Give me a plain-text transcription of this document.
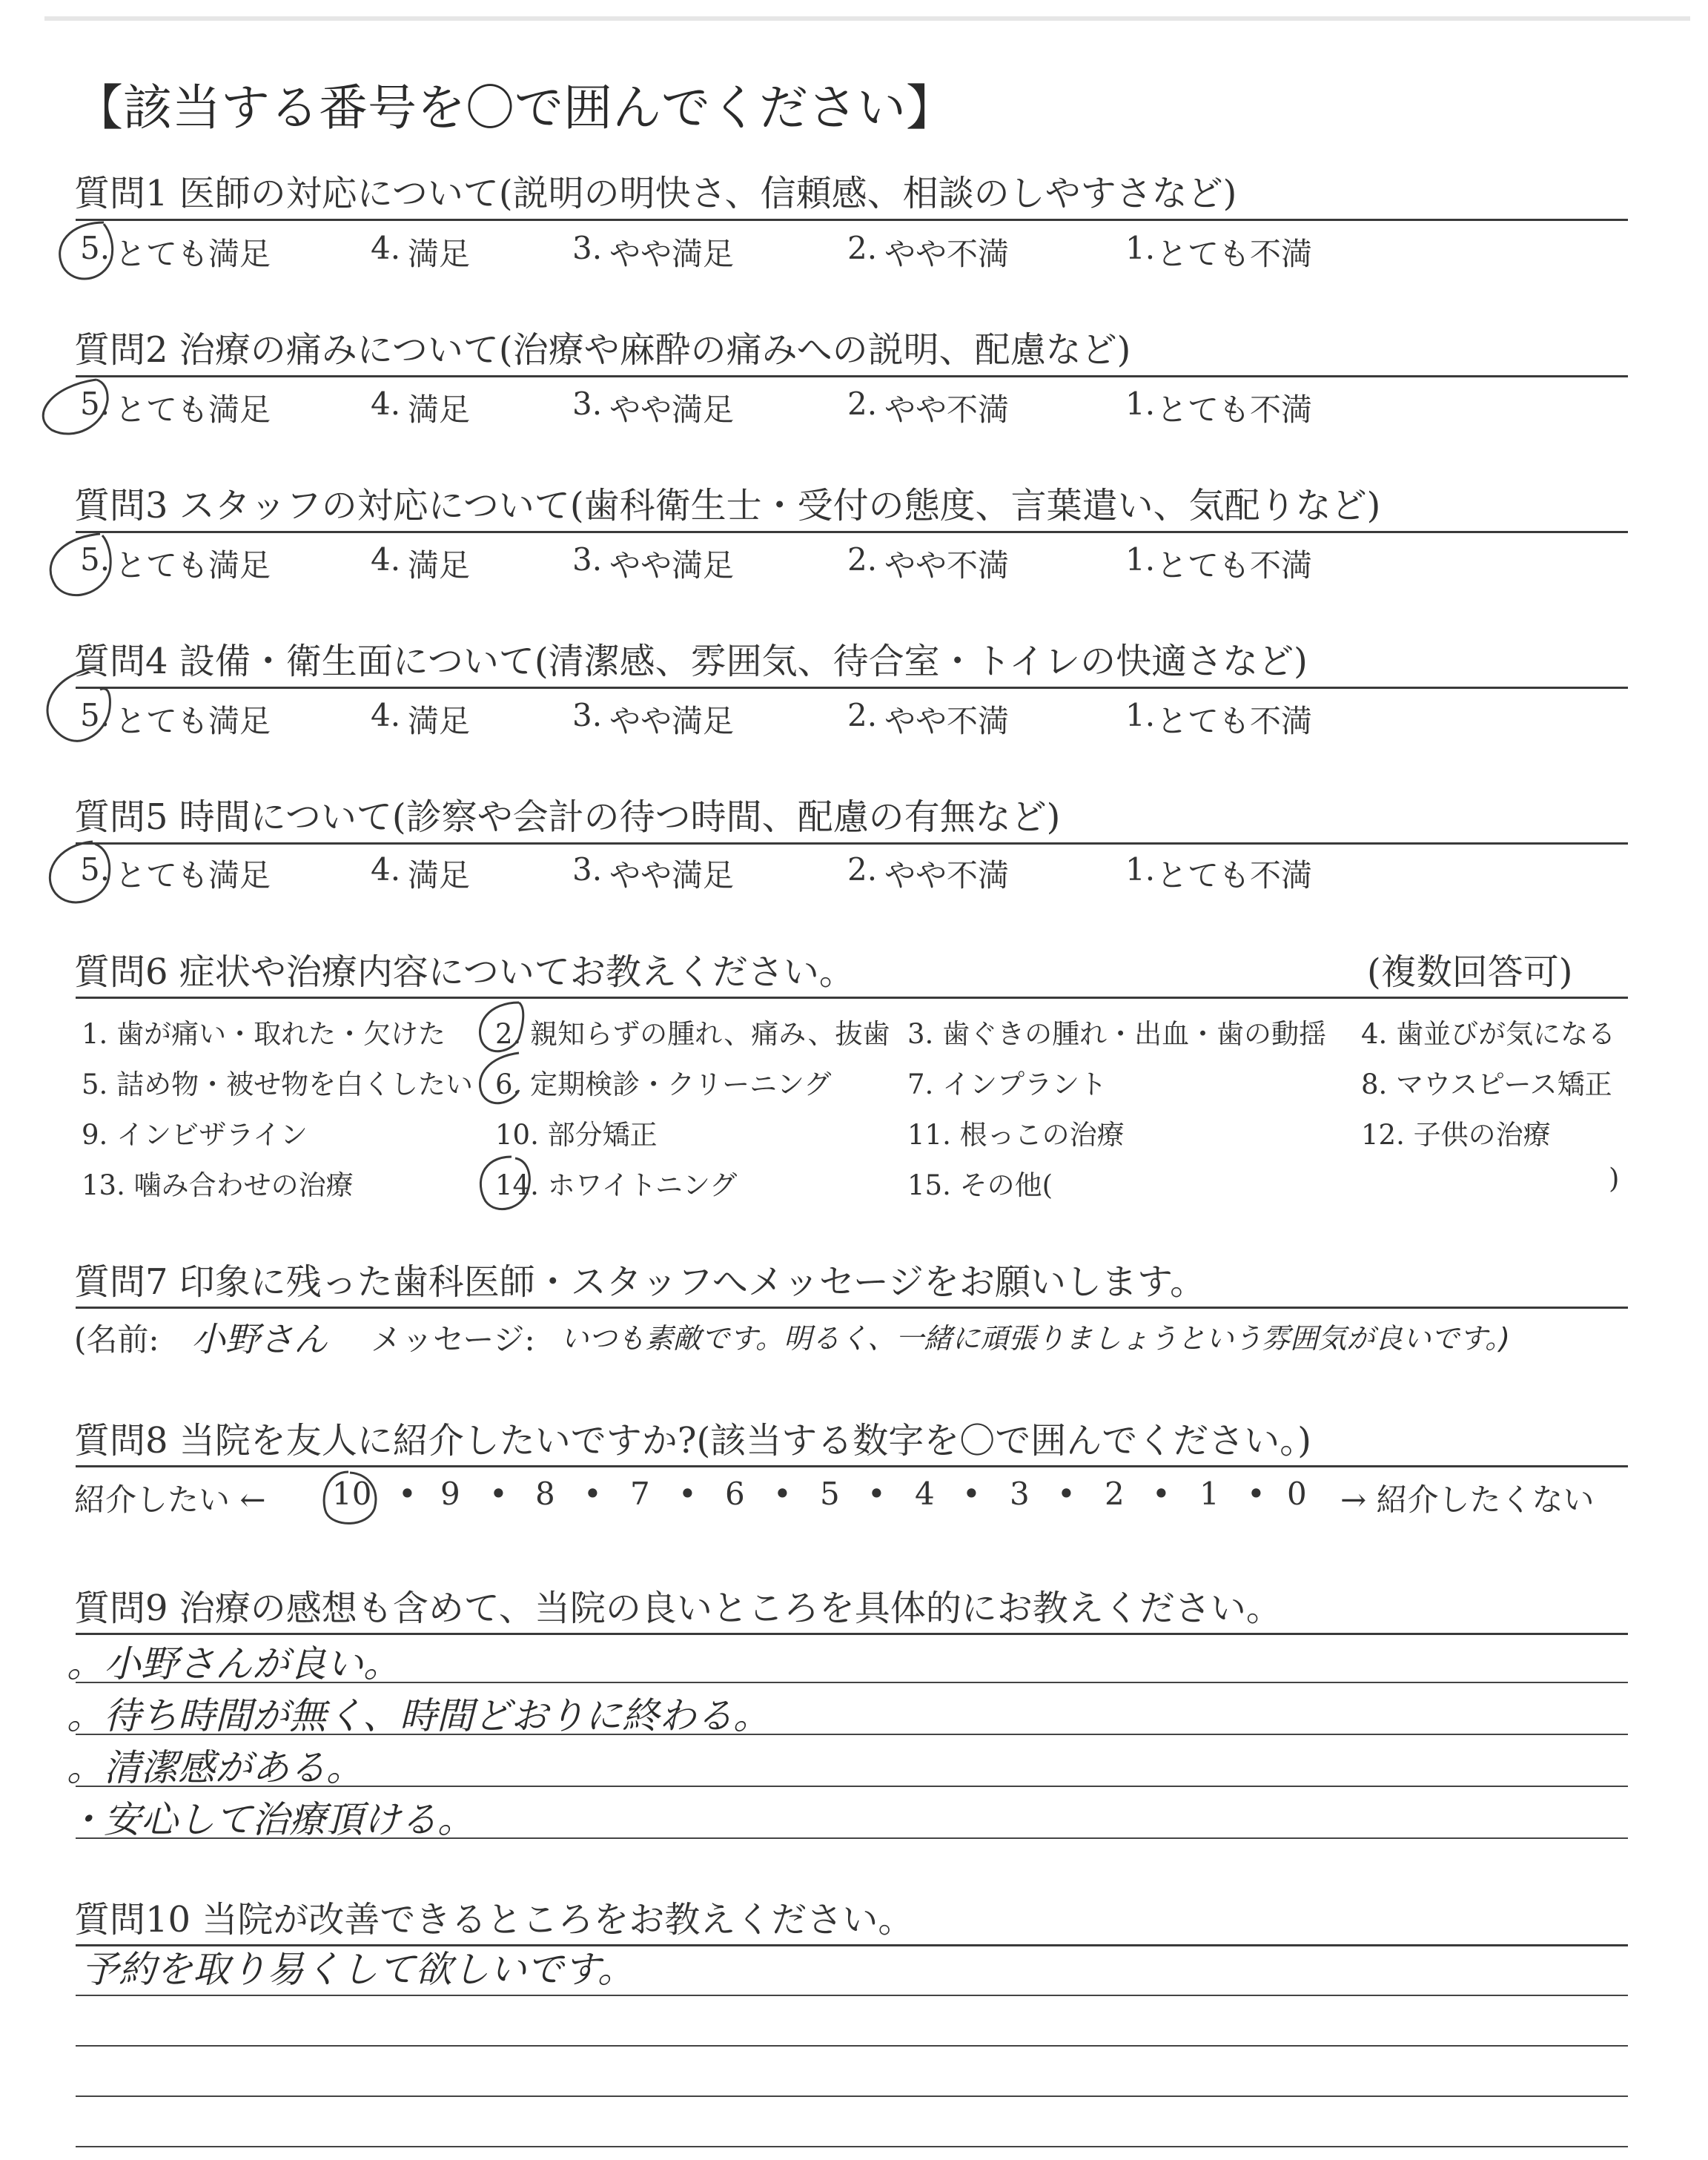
【該当する番号を〇で囲んでください】
質問1 医師の対応について(説明の明快さ、信頼感、相談のしやすさなど)
質問2 治療の痛みについて(治療や麻酔の痛みへの説明、配慮など)
質問3 スタッフの対応について(歯科衛生士・受付の態度、言葉遣い、気配りなど)
質問4 設備・衛生面について(清潔感、雰囲気、待合室・トイレの快適さなど)
質問5 時間について(診察や会計の待つ時間、配慮の有無など)
5. とても満足	4. 満足	3. やや満足	2. やや不満	1. とても不満
5. とても満足	4. 満足	3. やや満足	2. やや不満	1. とても不満
5. とても満足	4. 満足	3. やや満足	2. やや不満	1. とても不満
5. とても満足	4. 満足	3. やや満足	2. やや不満	1. とても不満
5. とても満足	4. 満足	3. やや満足	2. やや不満	1. とても不満
質問6 症状や治療内容についてお教えください。	(複数回答可)
1. 歯が痛い・取れた・欠けた 2. 親知らずの腫れ、痛み、抜歯 3. 歯ぐきの腫れ・出血・歯の動揺 4. 歯並びが気になる
5. 詰め物・被せ物を白くしたい 6. 定期検診・クリーニング	7. インプラント	8. マウスピース矯正
9. インビザライン	10. 部分矯正	11. 根っこの治療	12. 子供の治療
13. 噛み合わせの治療	14. ホワイトニング	15. その他(	)
質問7 印象に残った歯科医師・スタッフへメッセージをお願いします。
(名前: 小野さん メッセージ: いつも素敵です。明るく、一緒に頑張りましょうという雰囲気が良いです。)
質問8 当院を友人に紹介したいですか?(該当する数字を〇で囲んでください。)
紹介したい ←	→ 紹介したくない
10 • 9 • 8 • 7 • 6 • 5 • 4 • 3 • 2 • 1 • 0
質問9 治療の感想も含めて、当院の良いところを具体的にお教えください。
。小野さんが良い。
。待ち時間が無く、時間どおりに終わる。
。清潔感がある。
・安心して治療頂ける。
質問10 当院が改善できるところをお教えください。
予約を取り易くして欲しいです。
